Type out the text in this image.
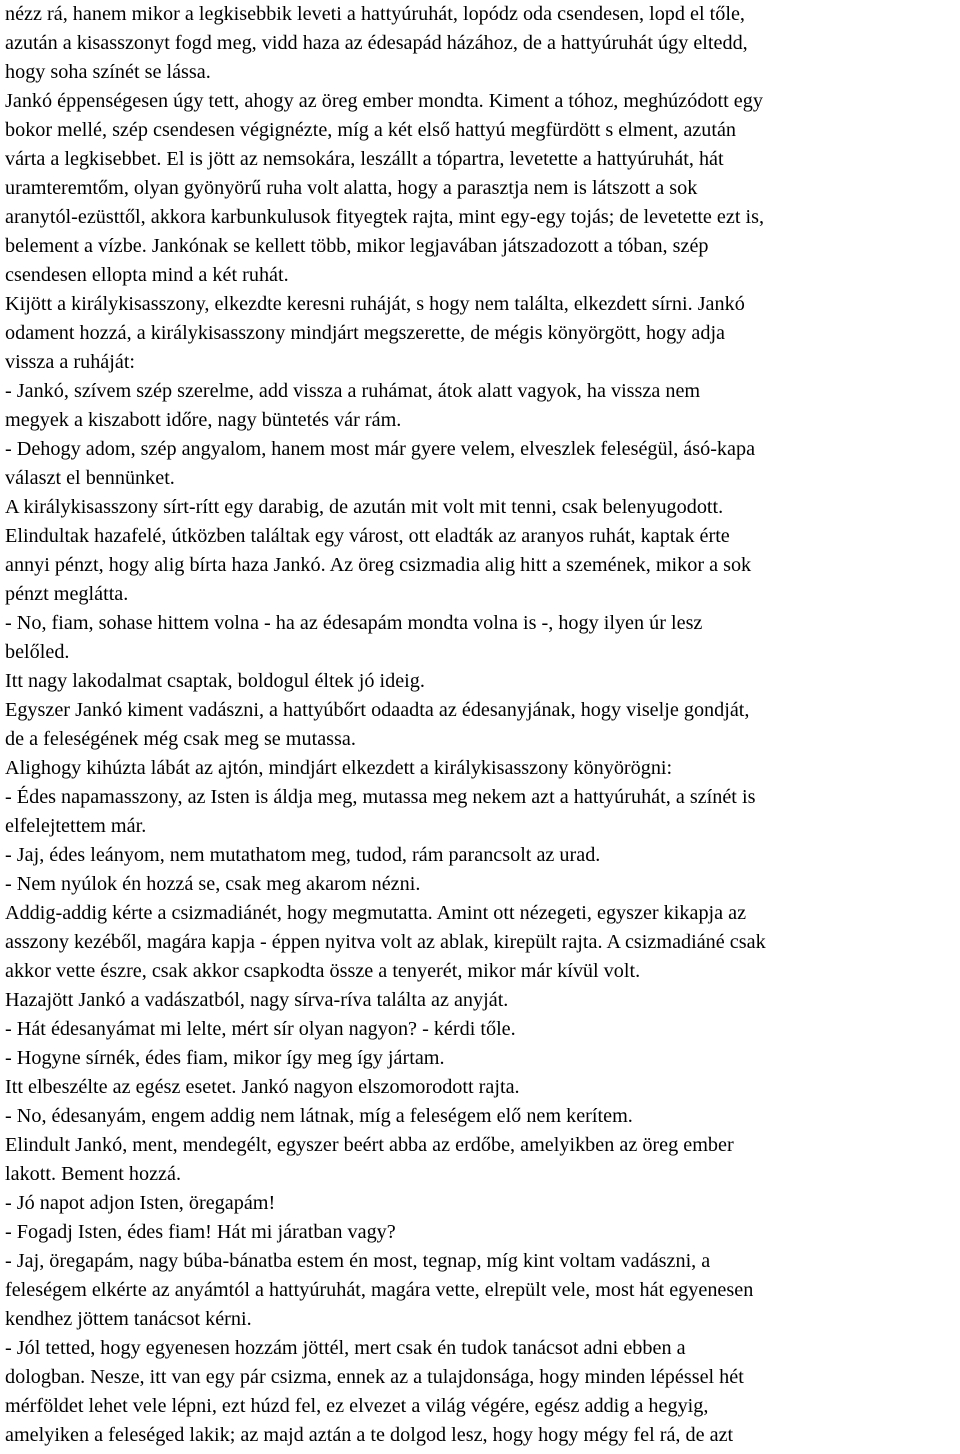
nézz rá, hanem mikor a legkisebbik leveti a hattyúruhát, lopódz oda csendesen, lopd el tőle,
azután a kisasszonyt fogd meg, vidd haza az édesapád házához, de a hattyúruhát úgy eltedd,
hogy soha színét se lássa.
Jankó éppenségesen úgy tett, ahogy az öreg ember mondta. Kiment a tóhoz, meghúzódott egy
bokor mellé, szép csendesen végignézte, míg a két első hattyú megfürdött s elment, azután
várta a legkisebbet. El is jött az nemsokára, leszállt a tópartra, levetette a hattyúruhát, hát
uramteremtőm, olyan gyönyörű ruha volt alatta, hogy a parasztja nem is látszott a sok
aranytól-ezüsttől, akkora karbunkulusok fityegtek rajta, mint egy-egy tojás; de levetette ezt is,
belement a vízbe. Jankónak se kellett több, mikor legjavában játszadozott a tóban, szép
csendesen ellopta mind a két ruhát.
Kijött a királykisasszony, elkezdte keresni ruháját, s hogy nem találta, elkezdett sírni. Jankó
odament hozzá, a királykisasszony mindjárt megszerette, de mégis könyörgött, hogy adja
vissza a ruháját:
- Jankó, szívem szép szerelme, add vissza a ruhámat, átok alatt vagyok, ha vissza nem
megyek a kiszabott időre, nagy büntetés vár rám.
- Dehogy adom, szép angyalom, hanem most már gyere velem, elveszlek feleségül, ásó-kapa
választ el bennünket.
A királykisasszony sírt-rítt egy darabig, de azután mit volt mit tenni, csak belenyugodott.
Elindultak hazafelé, útközben találtak egy várost, ott eladták az aranyos ruhát, kaptak érte
annyi pénzt, hogy alig bírta haza Jankó. Az öreg csizmadia alig hitt a szemének, mikor a sok
pénzt meglátta.
- No, fiam, sohase hittem volna - ha az édesapám mondta volna is -, hogy ilyen úr lesz
belőled.
Itt nagy lakodalmat csaptak, boldogul éltek jó ideig.
Egyszer Jankó kiment vadászni, a hattyúbőrt odaadta az édesanyjának, hogy viselje gondját,
de a feleségének még csak meg se mutassa.
Alighogy kihúzta lábát az ajtón, mindjárt elkezdett a királykisasszony könyörögni:
- Édes napamasszony, az Isten is áldja meg, mutassa meg nekem azt a hattyúruhát, a színét is
elfelejtettem már.
- Jaj, édes leányom, nem mutathatom meg, tudod, rám parancsolt az urad.
- Nem nyúlok én hozzá se, csak meg akarom nézni.
Addig-addig kérte a csizmadiánét, hogy megmutatta. Amint ott nézegeti, egyszer kikapja az
asszony kezéből, magára kapja - éppen nyitva volt az ablak, kirepült rajta. A csizmadiáné csak
akkor vette észre, csak akkor csapkodta össze a tenyerét, mikor már kívül volt.
Hazajött Jankó a vadászatból, nagy sírva-ríva találta az anyját.
- Hát édesanyámat mi lelte, mért sír olyan nagyon? - kérdi tőle.
- Hogyne sírnék, édes fiam, mikor így meg így jártam.
Itt elbeszélte az egész esetet. Jankó nagyon elszomorodott rajta.
- No, édesanyám, engem addig nem látnak, míg a feleségem elő nem kerítem.
Elindult Jankó, ment, mendegélt, egyszer beért abba az erdőbe, amelyikben az öreg ember
lakott. Bement hozzá.
- Jó napot adjon Isten, öregapám!
- Fogadj Isten, édes fiam! Hát mi járatban vagy?
- Jaj, öregapám, nagy búba-bánatba estem én most, tegnap, míg kint voltam vadászni, a
feleségem elkérte az anyámtól a hattyúruhát, magára vette, elrepült vele, most hát egyenesen
kendhez jöttem tanácsot kérni.
- Jól tetted, hogy egyenesen hozzám jöttél, mert csak én tudok tanácsot adni ebben a
dologban. Nesze, itt van egy pár csizma, ennek az a tulajdonsága, hogy minden lépéssel hét
mérföldet lehet vele lépni, ezt húzd fel, ez elvezet a világ végére, egész addig a hegyig,
amelyiken a feleséged lakik; az majd aztán a te dolgod lesz, hogy hogy mégy fel rá, de azt
